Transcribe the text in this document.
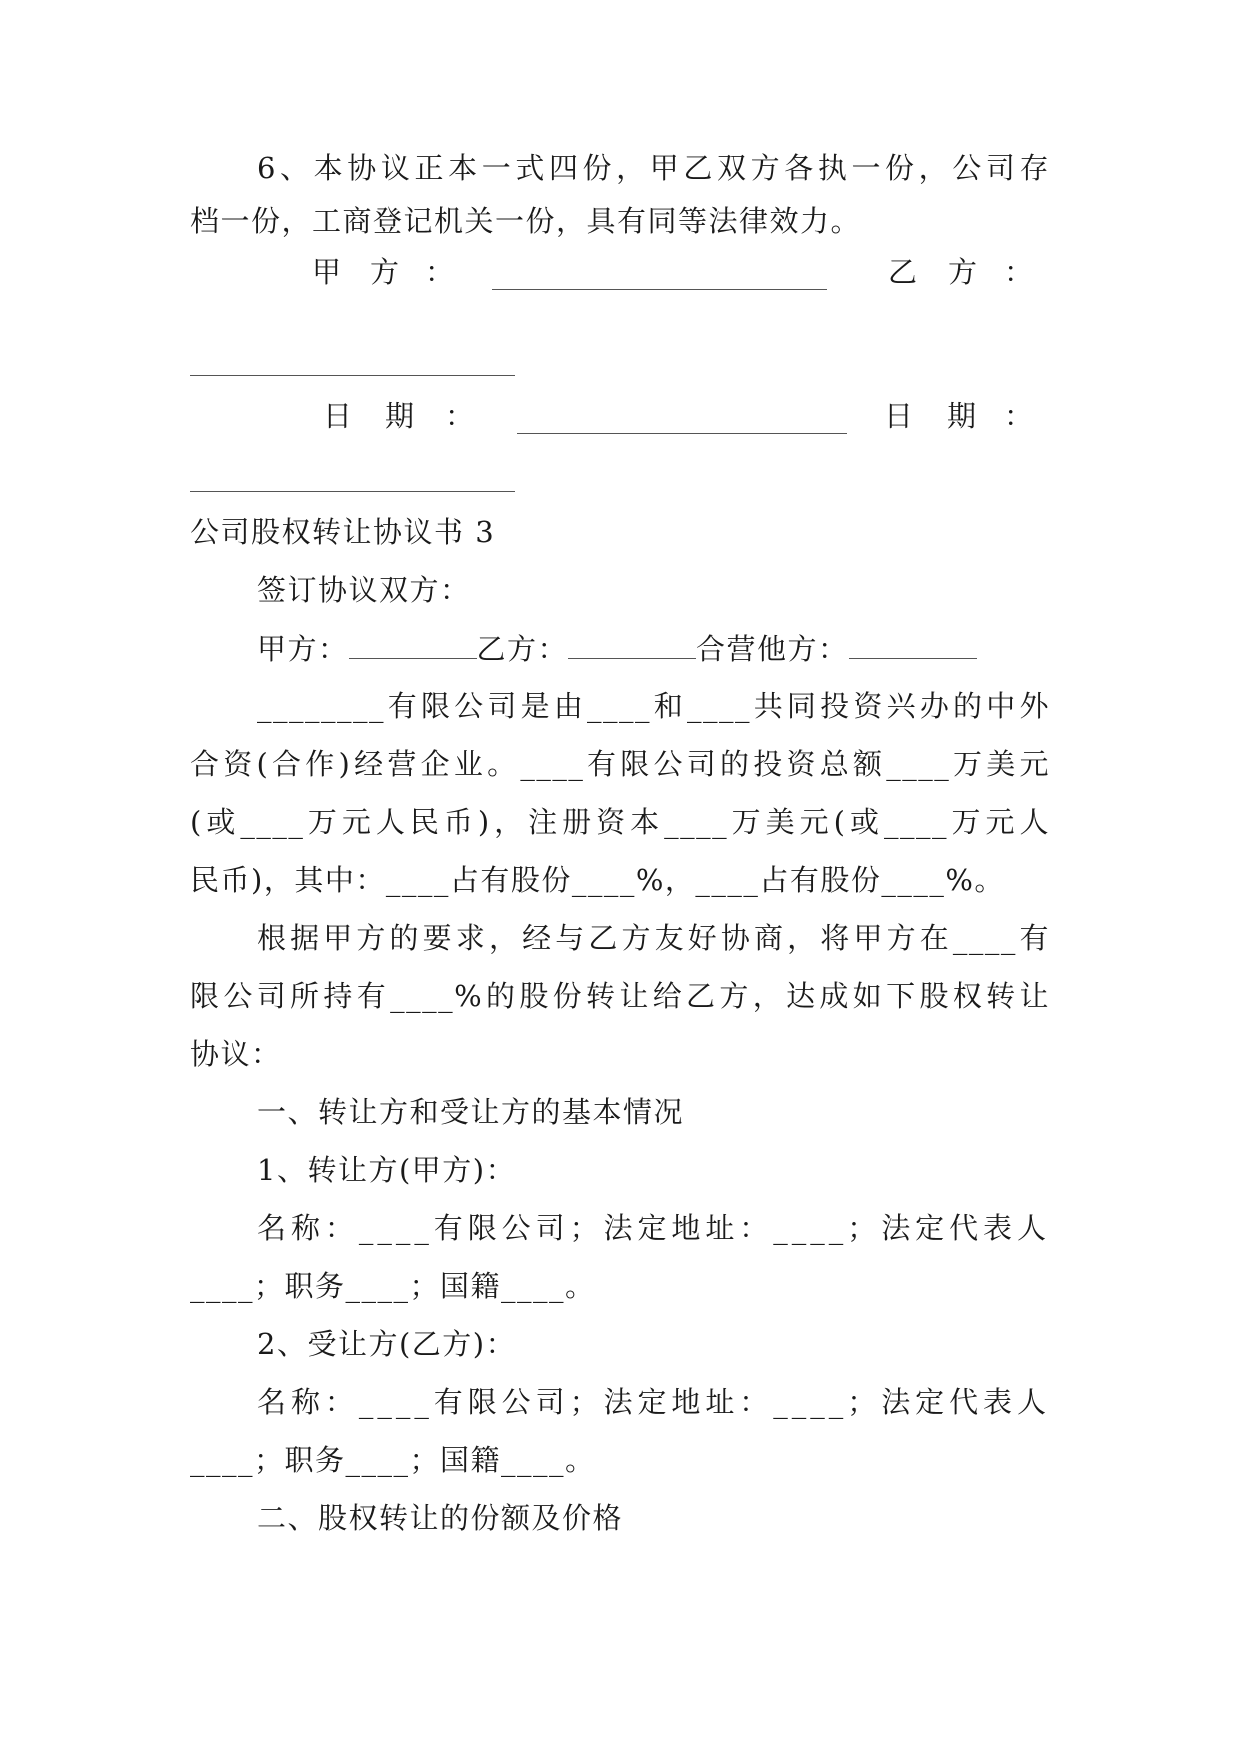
6、本协议正本一式四份，甲乙双方各执一份，公司存
档一份，工商登记机关一份，具有同等法律效力。
甲 方 ：	乙 方 ：
日 期 ：	日 期 ：
公司股权转让协议书 3
签订协议双方：
甲方：	乙方：	合营他方：
________有限公司是由____和____共同投资兴办的中外
合资(合作)经营企业。____有限公司的投资总额____万美元
(或____万元人民币)，注册资本____万美元(或____万元人
民币)，其中：____占有股份____%，____占有股份____%。
根据甲方的要求，经与乙方友好协商，将甲方在____有
限公司所持有____%的股份转让给乙方，达成如下股权转让
协议：
一、转让方和受让方的基本情况
1、转让方(甲方)：
名称：____有限公司；法定地址：____；法定代表人
____；职务____；国籍____。
2、受让方(乙方)：
名称：____有限公司；法定地址：____；法定代表人
____；职务____；国籍____。
二、股权转让的份额及价格
